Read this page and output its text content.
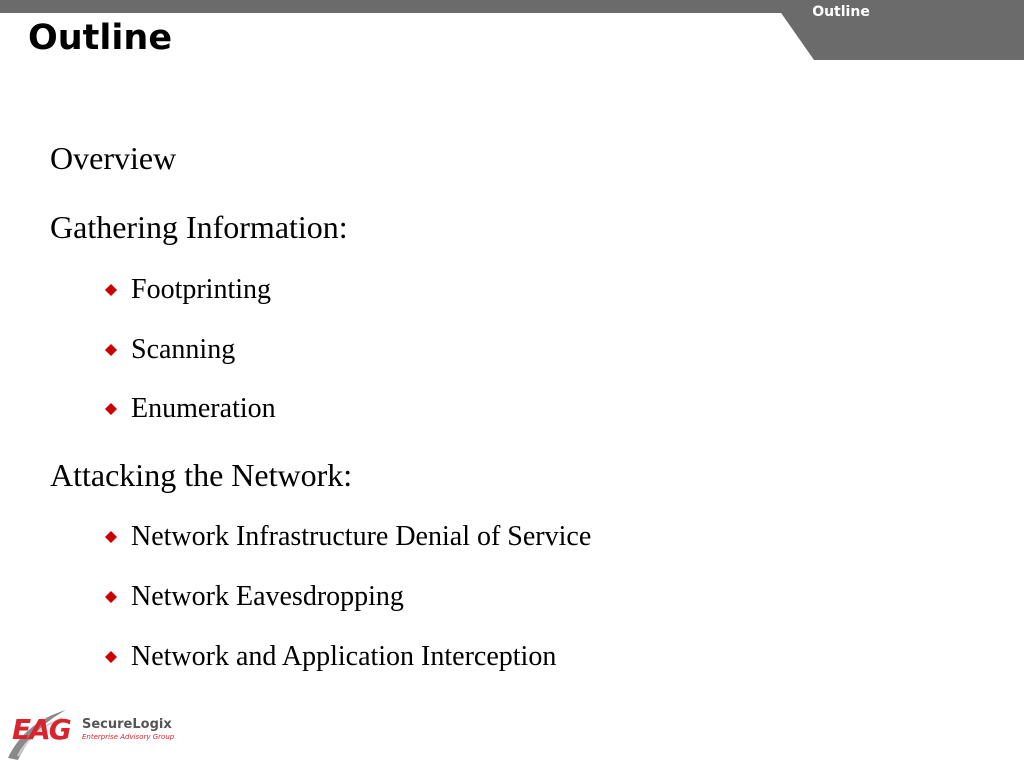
Outline
Outline
Overview
Gathering Information:
Footprinting
Scanning
Enumeration
Attacking the Network:
Network Infrastructure Denial of Service
Network Eavesdropping
Network and Application Interception
EAG SecureLogix
Enterprise Advisory Group
